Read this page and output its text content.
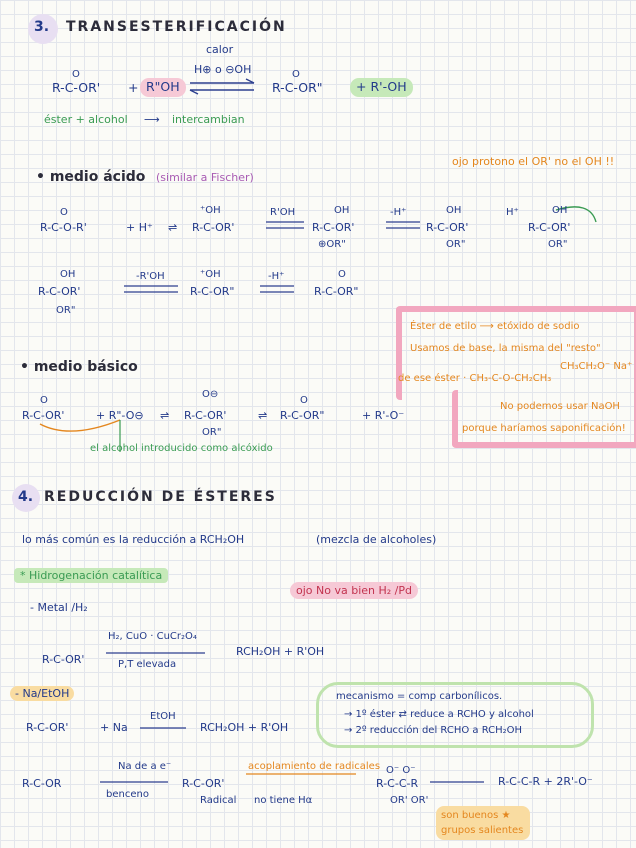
3. TRANSESTERIFICACIÓN
calor
H⊕ o ⊖OH
O	O
R-C-OR' + R"OH	R-C-OR"	+ R'-OH
éster + alcohol ⟶ intercambian
• medio ácido (similar a Fischer)
ojo protono el OR' no el OH !!
O	⁺OH	OH	OH	OH
R-C-O-R'	+ H⁺ ⇌ R-C-OR'
R'OH
R-C-OR'
-H⁺
R-C-OR'
H⁺
R-C-OR'
⊕OR"	OR"	OR"
OH	⁺OH	O
R-C-OR'
-R'OH
R-C-OR"
-H⁺
R-C-OR"
OR"
Éster de etilo ⟶ etóxido de sodio
Usamos de base, la misma del "resto"
de ese éster · CH₃-C-O-CH₂CH₃
CH₃CH₂O⁻ Na⁺
No podemos usar NaOH
porque haríamos saponificación!
• medio básico
O
O⊖
O
R-C-OR'	+ R"-O⊖ ⇌ R-C-OR'	⇌ R-C-OR"	+ R'-O⁻
OR"
el alcohol introducido como alcóxido
4. REDUCCIÓN DE ÉSTERES
lo más común es la reducción a RCH₂OH	(mezcla de alcoholes)
* Hidrogenación catalítica
- Metal /H₂
ojo No va bien H₂ /Pd
H₂, CuO · CuCr₂O₄
P,T elevada
R-C-OR'
RCH₂OH + R'OH
- Na/EtOH
R-C-OR'	+ Na
EtOH
RCH₂OH + R'OH
mecanismo = comp carbonílicos.
→ 1º éster ⇄ reduce a RCHO y alcohol
→ 2º reducción del RCHO a RCH₂OH
R-C-OR
Na de a e⁻
benceno
R-C-OR'
Radical
acoplamiento de radicales
no tiene Hα
O⁻ O⁻
R-C-C-R
OR' OR'
R-C-C-R + 2R'-O⁻
son buenos ★ grupos salientes
